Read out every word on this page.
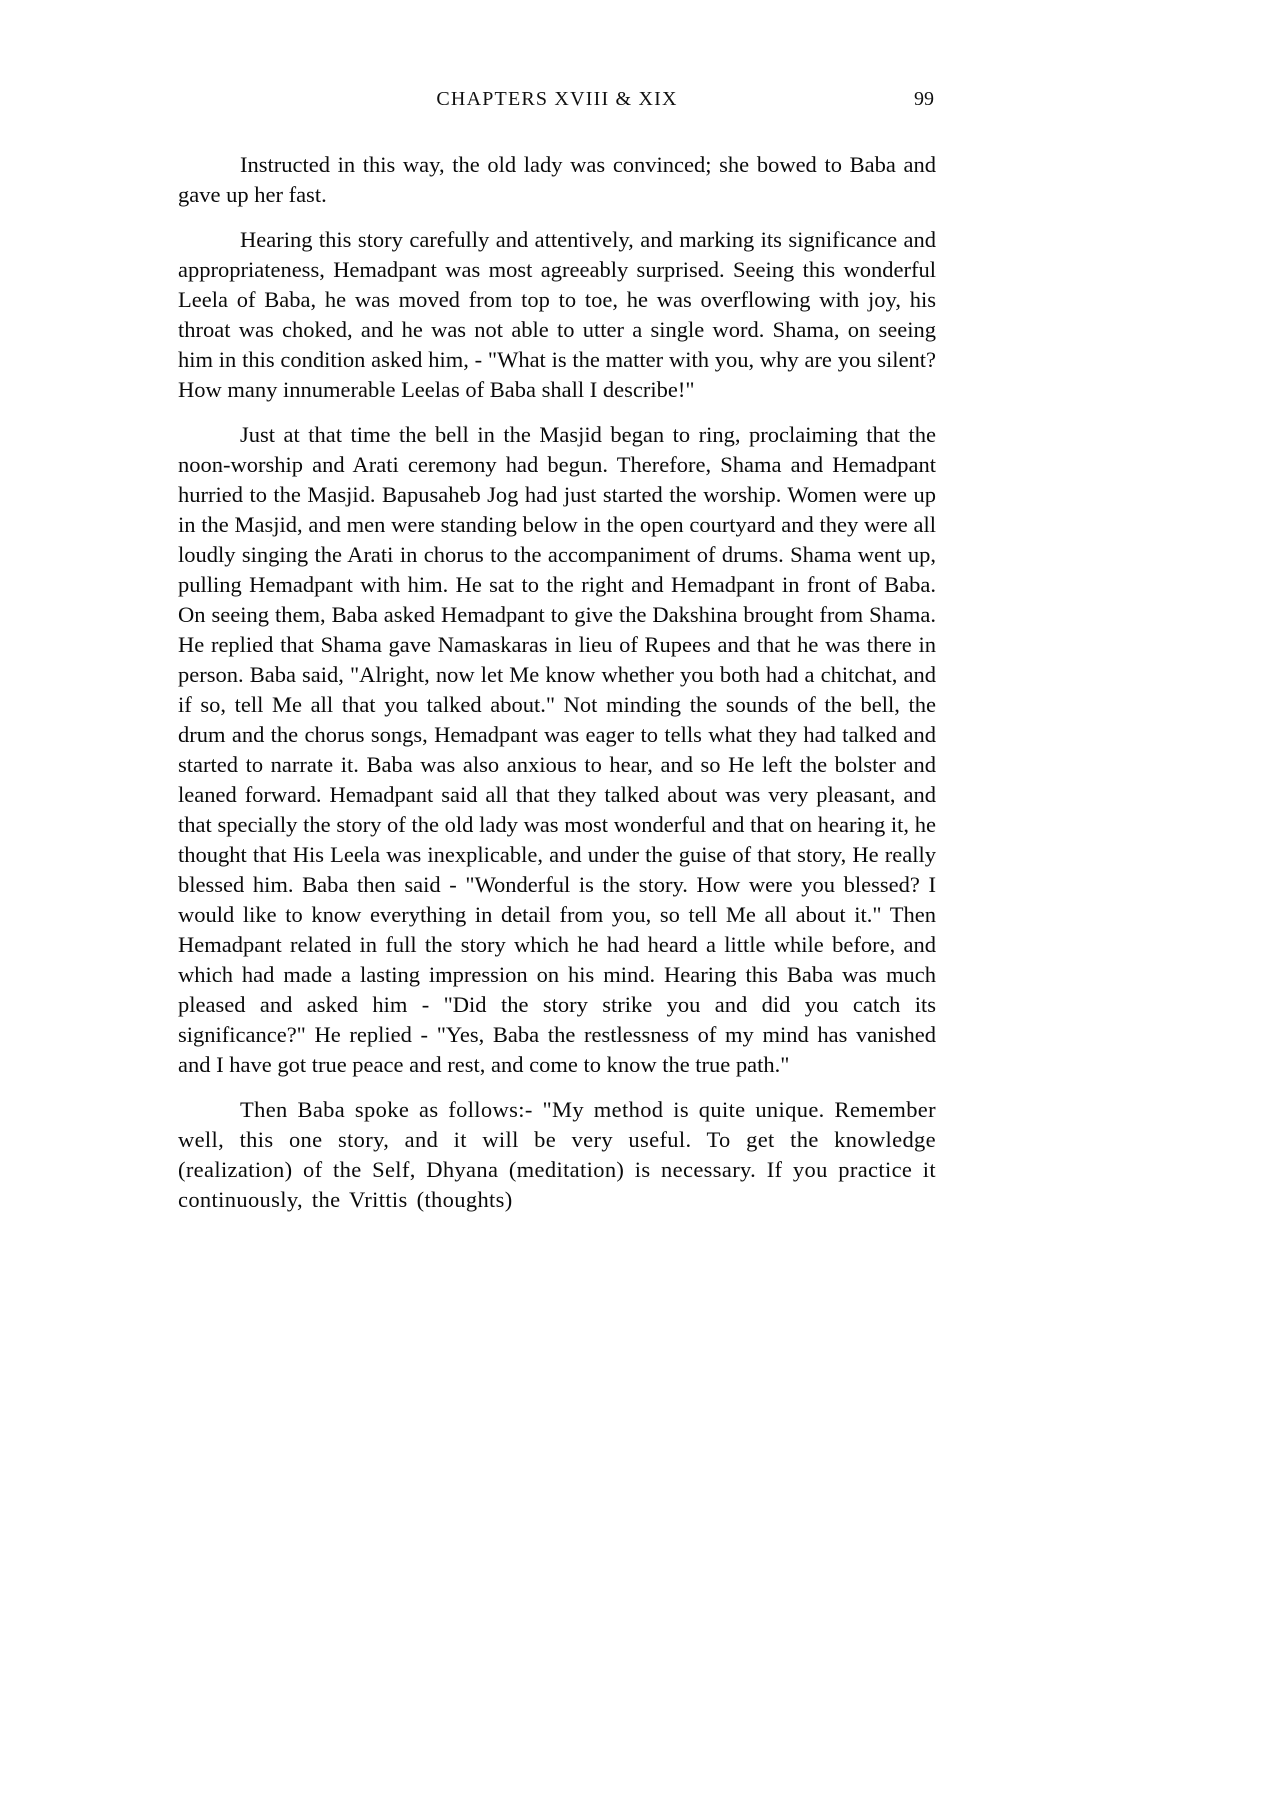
CHAPTERS XVIII & XIX	99

Instructed in this way, the old lady was convinced; she bowed to Baba and gave up her fast.

Hearing this story carefully and attentively, and marking its significance and appropriateness, Hemadpant was most agreeably surprised. Seeing this wonderful Leela of Baba, he was moved from top to toe, he was overflowing with joy, his throat was choked, and he was not able to utter a single word. Shama, on seeing him in this condition asked him, - "What is the matter with you, why are you silent? How many innumerable Leelas of Baba shall I describe!"

Just at that time the bell in the Masjid began to ring, proclaiming that the noon-worship and Arati ceremony had begun. Therefore, Shama and Hemadpant hurried to the Masjid. Bapusaheb Jog had just started the worship. Women were up in the Masjid, and men were standing below in the open courtyard and they were all loudly singing the Arati in chorus to the accompaniment of drums. Shama went up, pulling Hemadpant with him. He sat to the right and Hemadpant in front of Baba. On seeing them, Baba asked Hemadpant to give the Dakshina brought from Shama. He replied that Shama gave Namaskaras in lieu of Rupees and that he was there in person. Baba said, "Alright, now let Me know whether you both had a chitchat, and if so, tell Me all that you talked about." Not minding the sounds of the bell, the drum and the chorus songs, Hemadpant was eager to tells what they had talked and started to narrate it. Baba was also anxious to hear, and so He left the bolster and leaned forward. Hemadpant said all that they talked about was very pleasant, and that specially the story of the old lady was most wonderful and that on hearing it, he thought that His Leela was inexplicable, and under the guise of that story, He really blessed him. Baba then said - "Wonderful is the story. How were you blessed? I would like to know everything in detail from you, so tell Me all about it." Then Hemadpant related in full the story which he had heard a little while before, and which had made a lasting impression on his mind. Hearing this Baba was much pleased and asked him - "Did the story strike you and did you catch its significance?" He replied - "Yes, Baba the restlessness of my mind has vanished and I have got true peace and rest, and come to know the true path."

Then Baba spoke as follows:- "My method is quite unique. Remember well, this one story, and it will be very useful. To get the knowledge (realization) of the Self, Dhyana (meditation) is necessary. If you practice it continuously, the Vrittis (thoughts)
